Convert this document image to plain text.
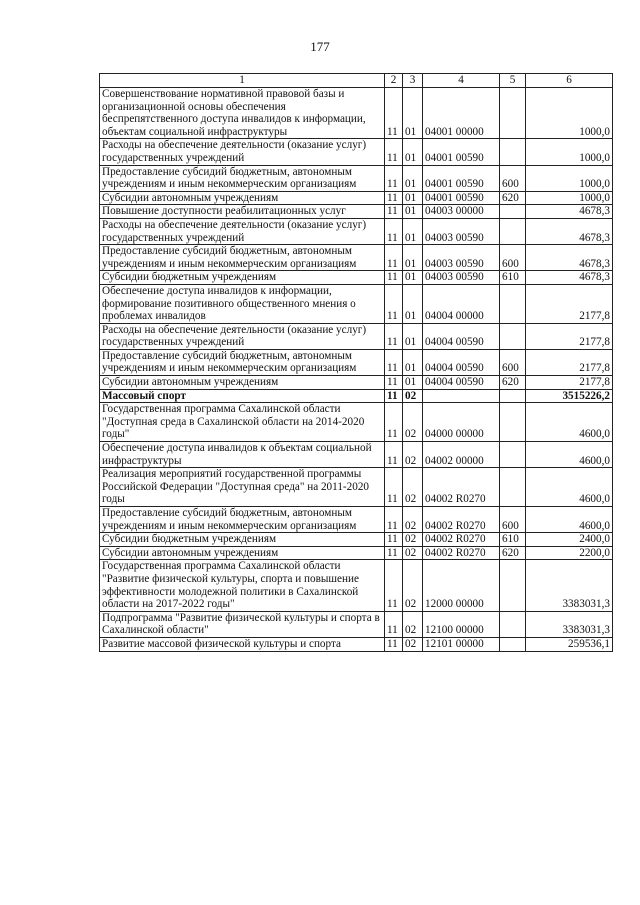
177
1	2	3	4	5	6
Совершенствование нормативной правовой базы и организационной основы обеспечения беспрепятственного доступа инвалидов к информации, объектам социальной инфраструктуры	11	01	04001 00000		1000,0
Расходы на обеспечение деятельности (оказание услуг) государственных учреждений	11	01	04001 00590		1000,0
Предоставление субсидий бюджетным, автономным учреждениям и иным некоммерческим организациям	11	01	04001 00590	600	1000,0
Субсидии автономным учреждениям	11	01	04001 00590	620	1000,0
Повышение доступности реабилитационных услуг	11	01	04003 00000		4678,3
Расходы на обеспечение деятельности (оказание услуг) государственных учреждений	11	01	04003 00590		4678,3
Предоставление субсидий бюджетным, автономным учреждениям и иным некоммерческим организациям	11	01	04003 00590	600	4678,3
Субсидии бюджетным учреждениям	11	01	04003 00590	610	4678,3
Обеспечение доступа инвалидов к информации, формирование позитивного общественного мнения о проблемах инвалидов	11	01	04004 00000		2177,8
Расходы на обеспечение деятельности (оказание услуг) государственных учреждений	11	01	04004 00590		2177,8
Предоставление субсидий бюджетным, автономным учреждениям и иным некоммерческим организациям	11	01	04004 00590	600	2177,8
Субсидии автономным учреждениям	11	01	04004 00590	620	2177,8
Массовый спорт	11	02			3515226,2
Государственная программа Сахалинской области "Доступная среда в Сахалинской области на 2014-2020 годы"	11	02	04000 00000		4600,0
Обеспечение доступа инвалидов к объектам социальной инфраструктуры	11	02	04002 00000		4600,0
Реализация мероприятий государственной программы Российской Федерации "Доступная среда" на 2011-2020 годы	11	02	04002 R0270		4600,0
Предоставление субсидий бюджетным, автономным учреждениям и иным некоммерческим организациям	11	02	04002 R0270	600	4600,0
Субсидии бюджетным учреждениям	11	02	04002 R0270	610	2400,0
Субсидии автономным учреждениям	11	02	04002 R0270	620	2200,0
Государственная программа Сахалинской области "Развитие физической культуры, спорта и повышение эффективности молодежной политики в Сахалинской области на 2017-2022 годы"	11	02	12000 00000		3383031,3
Подпрограмма "Развитие физической культуры и спорта в Сахалинской области"	11	02	12100 00000		3383031,3
Развитие массовой физической культуры и спорта	11	02	12101 00000		259536,1
